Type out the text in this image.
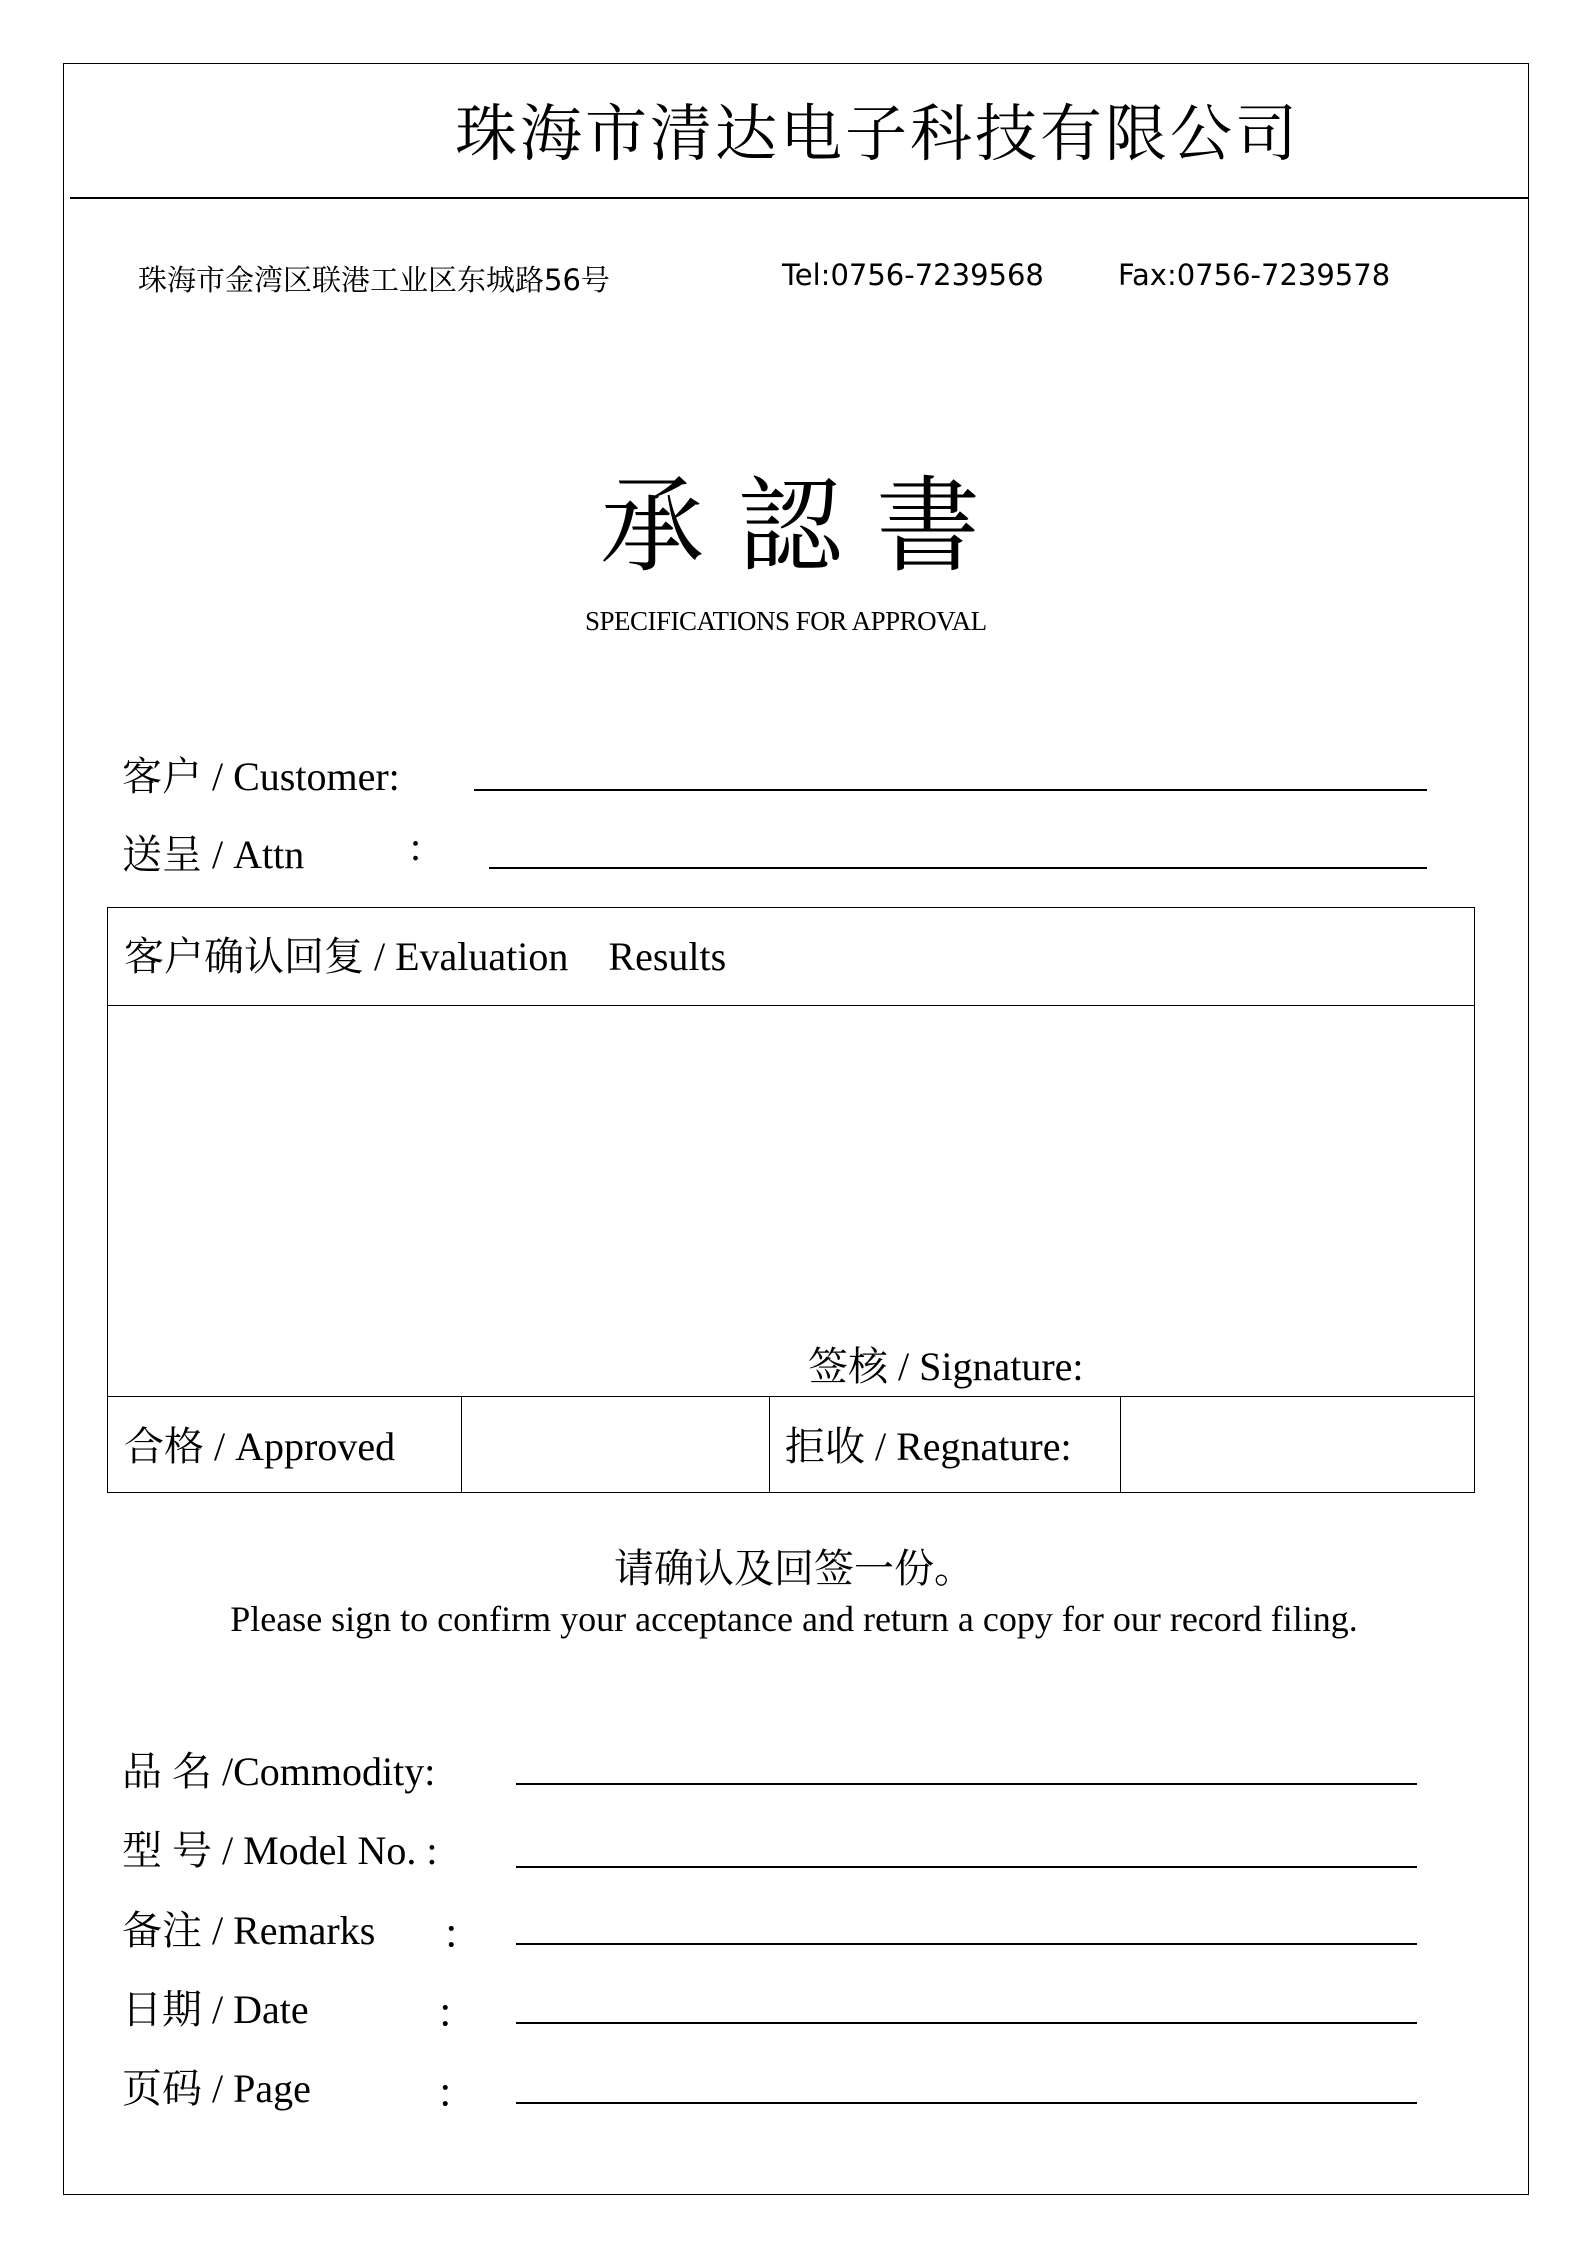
珠海市清达电子科技有限公司
珠海市金湾区联港工业区东城路56号	Tel:0756-7239568	Fax:0756-7239578
承認書
SPECIFICATIONS FOR APPROVAL
客户 / Customer:
送呈 / Attn	:
客户确认回复 / Evaluation　Results
签核 / Signature:
合格 / Approved	拒收 / Regnature:
请确认及回签一份。
Please sign to confirm your acceptance and return a copy for our record filing.
品 名 /Commodity:
型 号 / Model No. :
备注 / Remarks ：
日期 / Date	：
页码 / Page	：
